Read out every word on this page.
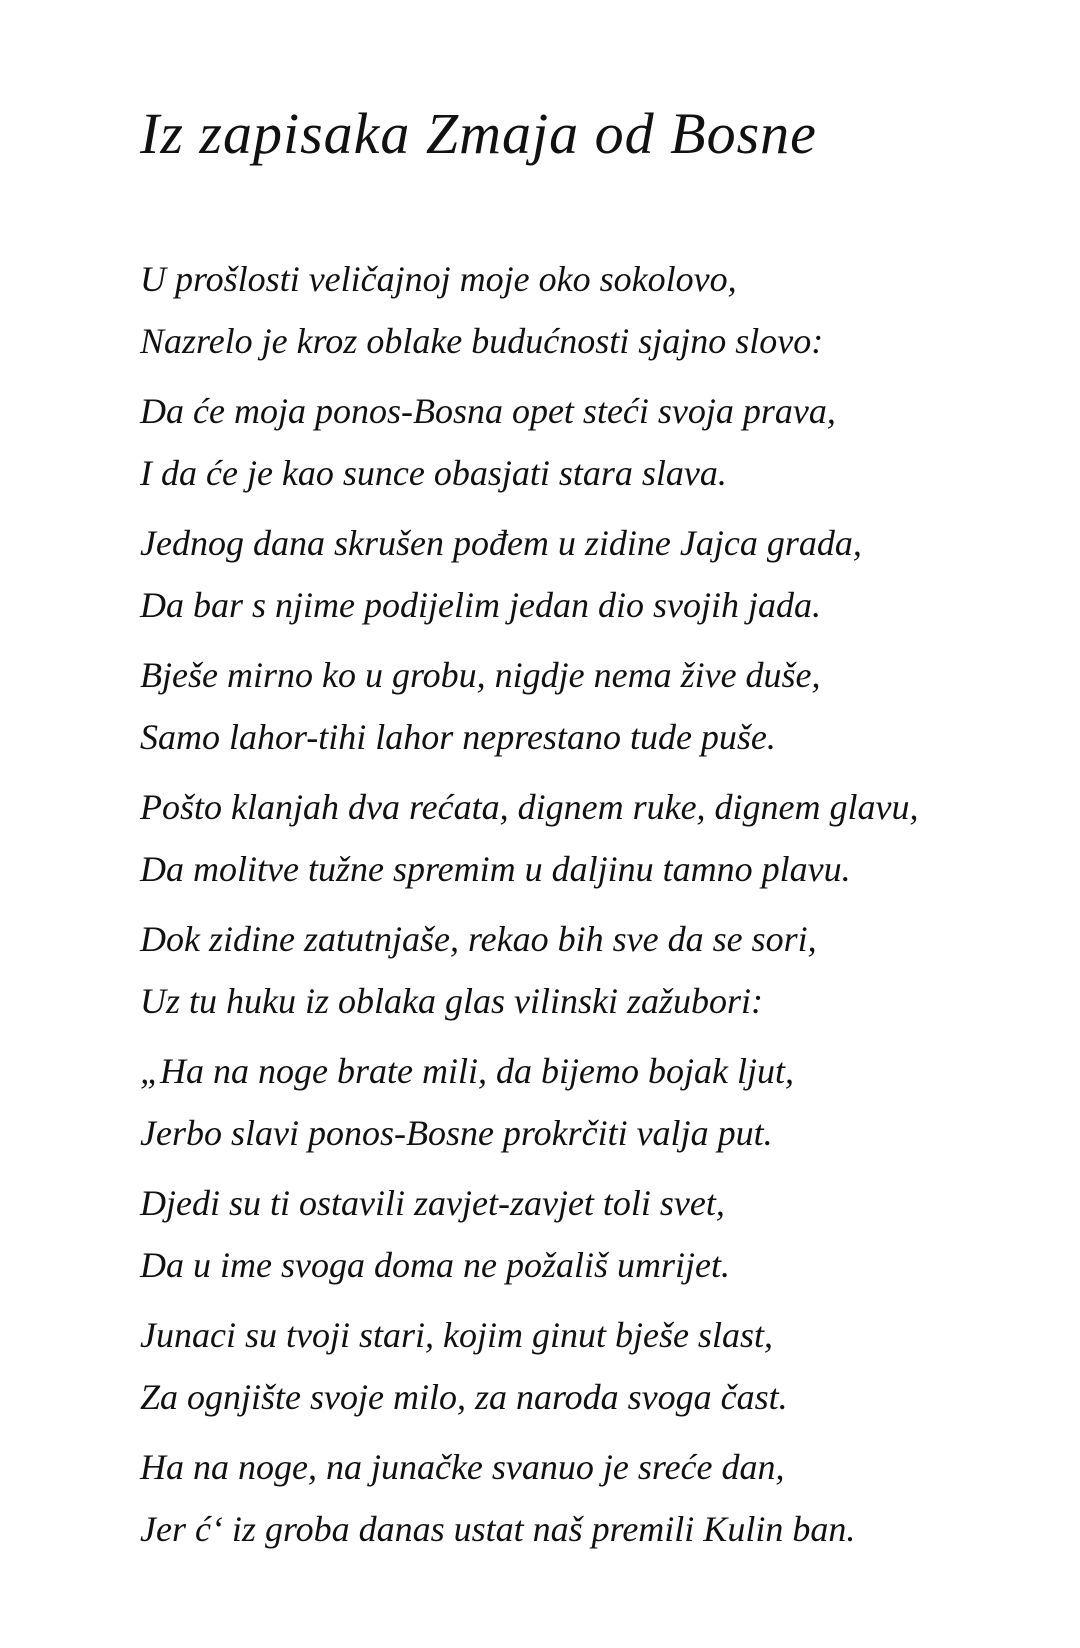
Iz zapisaka Zmaja od Bosne
U prošlosti veličajnoj moje oko sokolovo,
Nazrelo je kroz oblake budućnosti sjajno slovo:
Da će moja ponos-Bosna opet steći svoja prava,
I da će je kao sunce obasjati stara slava.
Jednog dana skrušen pođem u zidine Jajca grada,
Da bar s njime podijelim jedan dio svojih jada.
Bješe mirno ko u grobu, nigdje nema žive duše,
Samo lahor-tihi lahor neprestano tude puše.
Pošto klanjah dva rećata, dignem ruke, dignem glavu,
Da molitve tužne spremim u daljinu tamno plavu.
Dok zidine zatutnjaše, rekao bih sve da se sori,
Uz tu huku iz oblaka glas vilinski zažubori:
„Ha na noge brate mili, da bijemo bojak ljut,
Jerbo slavi ponos-Bosne prokrčiti valja put.
Djedi su ti ostavili zavjet-zavjet toli svet,
Da u ime svoga doma ne požališ umrijet.
Junaci su tvoji stari, kojim ginut bješe slast,
Za ognjište svoje milo, za naroda svoga čast.
Ha na noge, na junačke svanuo je sreće dan,
Jer ć‘ iz groba danas ustat naš premili Kulin ban.
